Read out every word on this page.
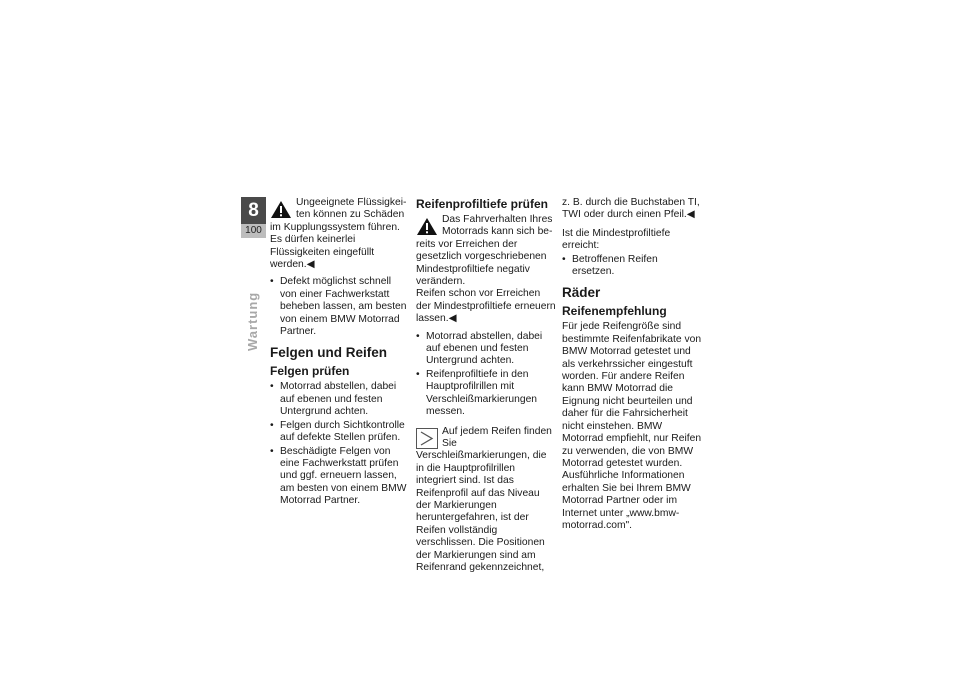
8
100
Wartung
Ungeeignete Flüssigkeiten können zu Schäden im Kupplungssystem führen.
Es dürfen keinerlei Flüssigkeiten eingefüllt werden.◀
• Defekt möglichst schnell von einer Fachwerkstatt beheben lassen, am besten von einem BMW Motorrad Partner.
Felgen und Reifen
Felgen prüfen
• Motorrad abstellen, dabei auf ebenen und festen Untergrund achten.
• Felgen durch Sichtkontrolle auf defekte Stellen prüfen.
• Beschädigte Felgen von eine Fachwerkstatt prüfen und ggf. erneuern lassen, am besten von einem BMW Motorrad Partner.
Reifenprofiltiefe prüfen
Das Fahrverhalten Ihres Motorrads kann sich bereits vor Erreichen der gesetzlich vorgeschriebenen Mindestprofiltiefe negativ verändern.
Reifen schon vor Erreichen der Mindestprofiltiefe erneuern lassen.◀
• Motorrad abstellen, dabei auf ebenen und festen Untergrund achten.
• Reifenprofiltiefe in den Hauptprofilrillen mit Verschleißmarkierungen messen.
Auf jedem Reifen finden Sie Verschleißmarkierungen, die in die Hauptprofilrillen integriert sind. Ist das Reifenprofil auf das Niveau der Markierungen heruntergefahren, ist der Reifen vollständig verschlissen. Die Positionen der Markierungen sind am Reifenrand gekennzeichnet,

z. B. durch die Buchstaben TI, TWI oder durch einen Pfeil.◀

Ist die Mindestprofiltiefe erreicht:

• Betroffenen Reifen ersetzen.
Räder
Reifenempfehlung

Für jede Reifengröße sind bestimmte Reifenfabrikate von BMW Motorrad getestet und als verkehrssicher eingestuft worden. Für andere Reifen kann BMW Motorrad die Eignung nicht beurteilen und daher für die Fahrsicherheit nicht einstehen. BMW Motorrad empfiehlt, nur Reifen zu verwenden, die von BMW Motorrad getestet wurden. Ausführliche Informationen erhalten Sie bei Ihrem BMW Motorrad Partner oder im Internet unter „www.bmw-motorrad.com".
